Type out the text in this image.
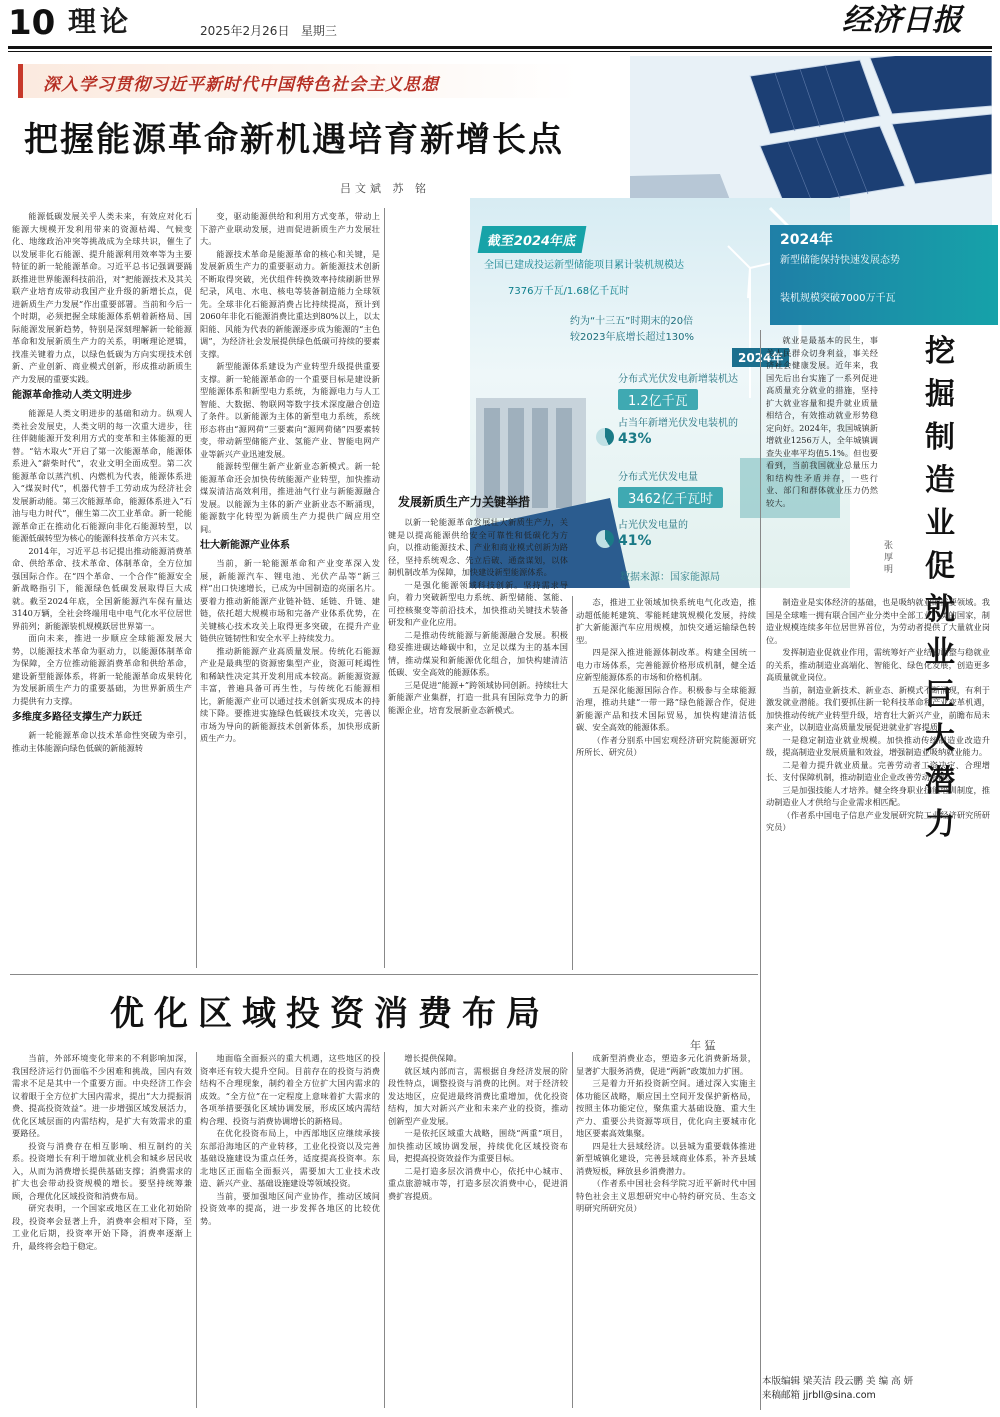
10 理论	2025年2月26日 星期三	经济日报
深入学习贯彻习近平新时代中国特色社会主义思想
把握能源革命新机遇培育新增长点
吕文斌 苏 铭
截至2024年底
全国已建成投运新型储能项目累计装机规模达
7376万千瓦/1.68亿千瓦时
约为“十三五”时期末的20倍
较2023年底增长超过130%
2024年
分布式光伏发电新增装机达
1.2亿千瓦
占当年新增光伏发电装机的
43%
分布式光伏发电量
3462亿千瓦时
占光伏发电量的
41%
数据来源：国家能源局
2024年
新型储能保持快速发展态势
装机规模突破7000万千瓦

能源低碳发展关乎人类未来，有效应对化石能源大规模开发利用带来的资源枯竭、气候变化、地缘政治冲突等挑战成为全球共识，催生了以发展非化石能源、提升能源利用效率等为主要特征的新一轮能源革命。习近平总书记强调要踊跃推进世界能源科技前沿，对“把能源技术及其关联产业培育成带动我国产业升级的新增长点，促进新质生产力发展”作出重要部署。当前和今后一个时期，必须把握全球能源体系朝着新格局、国际能源发展新趋势，特别是深刻理解新一轮能源革命和发展新质生产力的关系，明晰理论逻辑，找准关键着力点，以绿色低碳为方向实现技术创新、产业创新、商业模式创新，形成推动新质生产力发展的重要实践。

能源革命推动人类文明进步

能源是人类文明进步的基础和动力。纵观人类社会发展史，人类文明的每一次重大进步，往往伴随能源开发利用方式的变革和主体能源的更替。“钻木取火”开启了第一次能源革命，能源体系进入“薪柴时代”，农业文明全面成型。第二次能源革命以蒸汽机、内燃机为代表，能源体系进入“煤炭时代”，机器代替手工劳动成为经济社会发展新动能。第三次能源革命，能源体系进入“石油与电力时代”，催生第二次工业革命。新一轮能源革命正在推动化石能源向非化石能源转型，以能源低碳转型为核心的能源科技革命方兴未艾。

2014年，习近平总书记提出推动能源消费革命、供给革命、技术革命、体制革命，全方位加强国际合作。在“四个革命、一个合作”能源安全新战略指引下，能源绿色低碳发展取得巨大成就。截至2024年底，全国新能源汽车保有量达3140万辆，全社会终端用电中电气化水平位居世界前列；新能源装机规模跃居世界第一。

面向未来，推进一步顺应全球能源发展大势，以能源技术革命为驱动力，以能源体制革命为保障，全方位推动能源消费革命和供给革命，建设新型能源体系，将新一轮能源革命成果转化为发展新质生产力的重要基础，为世界新质生产力提供有力支撑。

多维度多路径支撑生产力跃迁

新一轮能源革命以技术革命性突破为牵引，推动主体能源向绿色低碳的新能源转

变，驱动能源供给和利用方式变革，带动上下游产业联动发展，进而促进新质生产力发展壮大。

能源技术革命是能源革命的核心和关键，是发展新质生产力的重要驱动力。新能源技术创新不断取得突破，光伏组件转换效率持续刷新世界纪录，风电、水电、核电等装备制造能力全球领先。全球非化石能源消费占比持续提高，预计到2060年非化石能源消费比重达到80%以上，以太阳能、风能为代表的新能源逐步成为能源的“主色调”，为经济社会发展提供绿色低碳可持续的要素支撑。

新型能源体系建设为产业转型升级提供重要支撑。新一轮能源革命的一个重要目标是建设新型能源体系和新型电力系统，为能源电力与人工智能、大数据、物联网等数字技术深度融合创造了条件。以新能源为主体的新型电力系统，系统形态将由“源网荷”三要素向“源网荷储”四要素转变，带动新型储能产业、氢能产业、智能电网产业等新兴产业迅速发展。

能源转型催生新产业新业态新模式。新一轮能源革命还会加快传统能源产业转型，加快推动煤炭清洁高效利用，推进油气行业与新能源融合发展。以能源为主体的新产业新业态不断涌现，能源数字化转型为新质生产力提供广阔应用空间。

壮大新能源产业体系

当前，新一轮能源革命和产业变革深入发展，新能源汽车、锂电池、光伏产品等“新三样”出口快速增长，已成为中国制造的亮丽名片。要着力推动新能源产业链补链、延链、升链、建链，依托超大规模市场和完备产业体系优势，在关键核心技术攻关上取得更多突破，在提升产业链供应链韧性和安全水平上持续发力。

推动新能源产业高质量发展。传统化石能源产业是最典型的资源密集型产业，资源可耗竭性和稀缺性决定其开发利用成本较高。新能源资源丰富，普遍具备可再生性，与传统化石能源相比，新能源产业可以通过技术创新实现成本的持续下降。要推进实施绿色低碳技术攻关，完善以市场为导向的新能源技术创新体系，加快形成新质生产力。

发展新质生产力关键举措

以新一轮能源革命发展壮大新质生产力，关键是以提高能源供给安全可靠性和低碳化为方向，以推动能源技术、产业和商业模式创新为路径，坚持系统观念、先立后破、通盘谋划，以体制机制改革为保障，加快建设新型能源体系。

一是强化能源领域科技创新。坚持需求导向，着力突破新型电力系统、新型储能、氢能、可控核聚变等前沿技术，加快推动关键技术装备研发和产业化应用。

二是推动传统能源与新能源融合发展。积极稳妥推进碳达峰碳中和，立足以煤为主的基本国情，推动煤炭和新能源优化组合，加快构建清洁低碳、安全高效的能源体系。

三是促进“能源+”跨领域协同创新。持续壮大新能源产业集群，打造一批具有国际竞争力的新能源企业，培育发展新业态新模式。

态，推进工业领域加快系统电气化改造，推动超低能耗建筑、零能耗建筑规模化发展，持续扩大新能源汽车应用规模，加快交通运输绿色转型。

四是深入推进能源体制改革。构建全国统一电力市场体系，完善能源价格形成机制，健全适应新型能源体系的市场和价格机制。

五是深化能源国际合作。积极参与全球能源治理，推动共建“一带一路”绿色能源合作，促进新能源产品和技术国际贸易，加快构建清洁低碳、安全高效的能源体系。

（作者分别系中国宏观经济研究院能源研究所所长、研究员）

挖
掘
制
造
业
促
就
业
巨
大
潜
力
张厚明

就业是最基本的民生，事关人民群众切身利益，事关经济社会健康发展。近年来，我国先后出台实施了一系列促进高质量充分就业的措施，坚持扩大就业容量和提升就业质量相结合，有效推动就业形势稳定向好。2024年，我国城镇新增就业1256万人，全年城镇调查失业率平均值5.1%。但也要看到，当前我国就业总量压力和结构性矛盾并存，一些行业、部门和群体就业压力仍然较大。

制造业是实体经济的基础，也是吸纳就业的重要领域。我国是全球唯一拥有联合国产业分类中全部工业门类的国家，制造业规模连续多年位居世界首位，为劳动者提供了大量就业岗位。

发挥制造业促就业作用，需统筹好产业结构调整与稳就业的关系，推动制造业高端化、智能化、绿色化发展，创造更多高质量就业岗位。

当前，制造业新技术、新业态、新模式不断涌现，有利于激发就业潜能。我们要抓住新一轮科技革命和产业变革机遇，加快推动传统产业转型升级，培育壮大新兴产业，前瞻布局未来产业，以制造业高质量发展促进就业扩容提质。

一是稳定制造业就业规模。加快推动传统制造业改造升级，提高制造业发展质量和效益，增强制造业吸纳就业能力。

二是着力提升就业质量。完善劳动者工资决定、合理增长、支付保障机制，推动制造业企业改善劳动条件。

三是加强技能人才培养。健全终身职业技能培训制度，推动制造业人才供给与企业需求相匹配。

（作者系中国电子信息产业发展研究院工业经济研究所研究员）

优化区域投资消费布局
年 猛

当前，外部环境变化带来的不利影响加深，我国经济运行仍面临不少困难和挑战，国内有效需求不足是其中一个重要方面。中央经济工作会议着眼于全方位扩大国内需求，提出“大力提振消费、提高投资效益”。进一步增强区域发展活力，优化区域层面的内需结构，是扩大有效需求的重要路径。

投资与消费存在相互影响、相互制约的关系。投资增长有利于增加就业机会和城乡居民收入，从而为消费增长提供基础支撑；消费需求的扩大也会带动投资规模的增长。要坚持统筹兼顾，合理优化区域投资和消费布局。

研究表明，一个国家或地区在工业化初始阶段，投资率会显著上升，消费率会相对下降，至工业化后期，投资率开始下降，消费率逐渐上升，最终将会趋于稳定。

地面临全面振兴的重大机遇，这些地区的投资率还有较大提升空间。目前存在的投资与消费结构不合理现象，制约着全方位扩大国内需求的成效。“全方位”在一定程度上意味着扩大需求的各项举措要强化区域协调发展，形成区域内需结构合理、投资与消费协调增长的新格局。

在优化投资布局上，中西部地区应继续承接东部沿海地区的产业转移，工业化投资以及完善基础设施建设为重点任务，适度提高投资率。东北地区正面临全面振兴，需要加大工业技术改造、新兴产业、基础设施建设等领域投资。

当前，要加强地区间产业协作，推动区域间投资效率的提高，进一步发挥各地区的比较优势。

增长提供保障。

就区域内部而言，需根据自身经济发展的阶段性特点，调整投资与消费的比例。对于经济较发达地区，应促进最终消费比重增加，优化投资结构，加大对新兴产业和未来产业的投资，推动创新型产业发展。

一是依托区域重大战略，围绕“两重”项目，加快推动区域协调发展，持续优化区域投资布局，把提高投资效益作为重要目标。

二是打造多层次消费中心，依托中心城市、重点旅游城市等，打造多层次消费中心，促进消费扩容提质。

成新型消费业态，塑造多元化消费新场景，显著扩大服务消费，促进“两新”政策加力扩围。

三是着力开拓投资新空间。通过深入实施主体功能区战略，顺应国土空间开发保护新格局，按照主体功能定位，聚焦重大基础设施、重大生产力、重要公共资源等项目，优化向主要城市化地区要素高效集聚。

四是壮大县域经济。以县城为重要载体推进新型城镇化建设，完善县域商业体系，补齐县域消费短板，释放县乡消费潜力。

（作者系中国社会科学院习近平新时代中国特色社会主义思想研究中心特约研究员、生态文明研究所研究员）

本版编辑 梁芙洁 段云鹏 美 编 高 妍
来稿邮箱 jjrbll@sina.com
